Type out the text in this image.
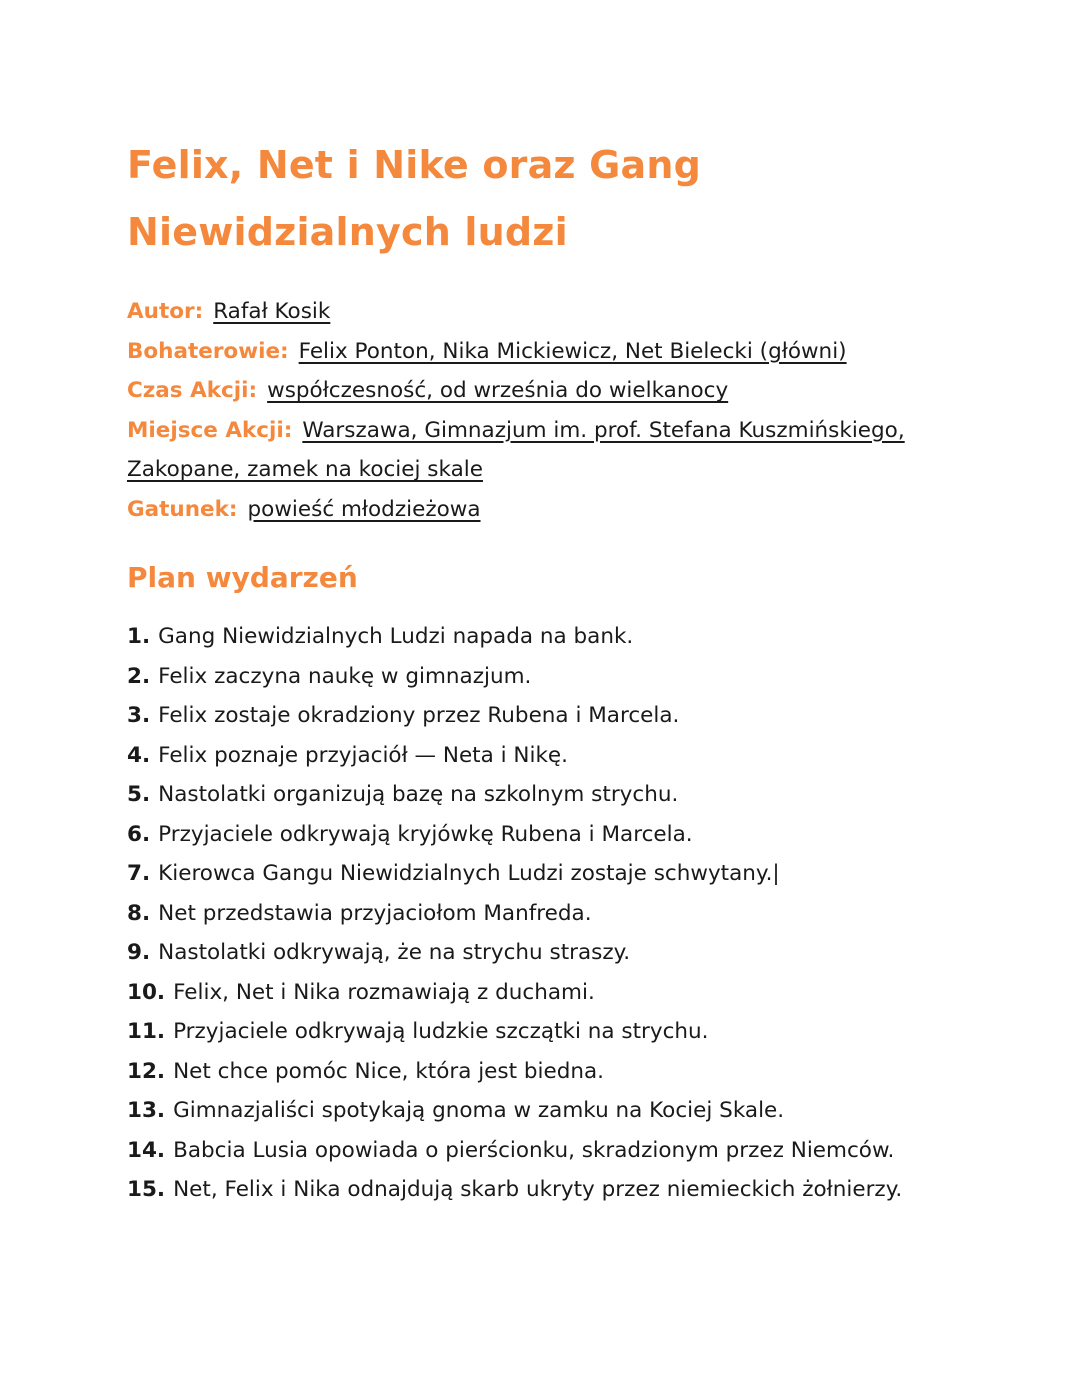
Felix, Net i Nike oraz Gang
Niewidzialnych ludzi
Autor: Rafał Kosik
Bohaterowie: Felix Ponton, Nika Mickiewicz, Net Bielecki (główni)
Czas Akcji: współczesność, od września do wielkanocy
Miejsce Akcji: Warszawa, Gimnazjum im. prof. Stefana Kuszmińskiego, Zakopane, zamek na kociej skale
Gatunek: powieść młodzieżowa
Plan wydarzeń
1. Gang Niewidzialnych Ludzi napada na bank.
2. Felix zaczyna naukę w gimnazjum.
3. Felix zostaje okradziony przez Rubena i Marcela.
4. Felix poznaje przyjaciół — Neta i Nikę.
5. Nastolatki organizują bazę na szkolnym strychu.
6. Przyjaciele odkrywają kryjówkę Rubena i Marcela.
7. Kierowca Gangu Niewidzialnych Ludzi zostaje schwytany.|
8. Net przedstawia przyjaciołom Manfreda.
9. Nastolatki odkrywają, że na strychu straszy.
10. Felix, Net i Nika rozmawiają z duchami.
11. Przyjaciele odkrywają ludzkie szczątki na strychu.
12. Net chce pomóc Nice, która jest biedna.
13. Gimnazjaliści spotykają gnoma w zamku na Kociej Skale.
14. Babcia Lusia opowiada o pierścionku, skradzionym przez Niemców.
15. Net, Felix i Nika odnajdują skarb ukryty przez niemieckich żołnierzy.
